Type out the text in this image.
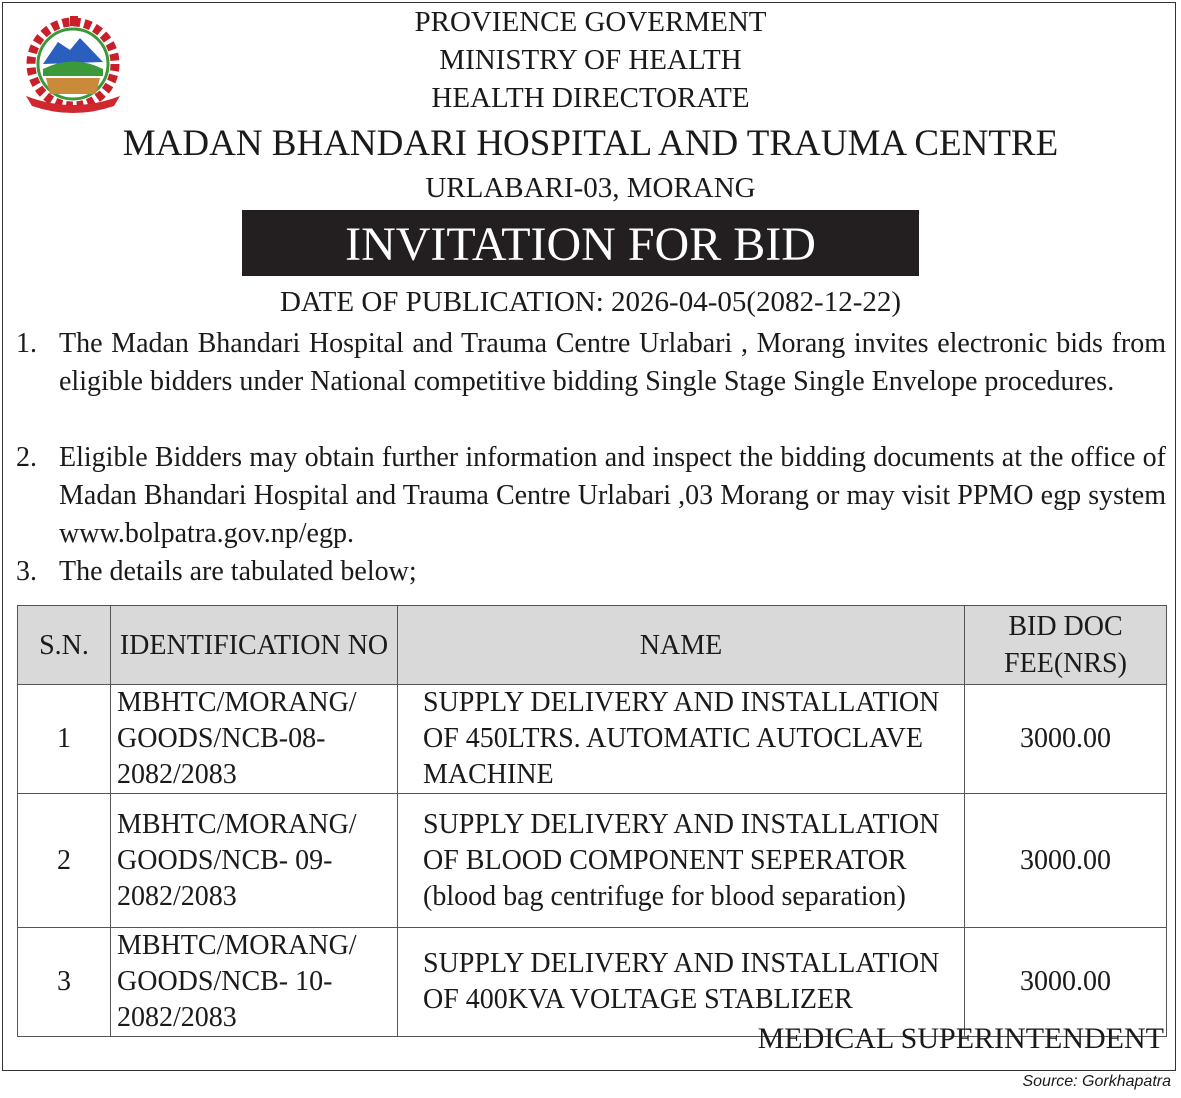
PROVIENCE GOVERMENT
MINISTRY OF HEALTH
HEALTH DIRECTORATE
MADAN BHANDARI HOSPITAL AND TRAUMA CENTRE
URLABARI-03, MORANG
INVITATION FOR BID
DATE OF PUBLICATION: 2026-04-05(2082-12-22)
1. The Madan Bhandari Hospital and Trauma Centre Urlabari , Morang invites electronic bids from eligible bidders under National competitive bidding Single Stage Single Envelope procedures.
2. Eligible Bidders may obtain further information and inspect the bidding documents at the office of Madan Bhandari Hospital and Trauma Centre Urlabari ,03 Morang or may visit PPMO egp system www.bolpatra.gov.np/egp.
3. The details are tabulated below;
S.N.	IDENTIFICATION NO	NAME	BID DOC FEE(NRS)
1	MBHTC/MORANG/ GOODS/NCB-08- 2082/2083	SUPPLY DELIVERY AND INSTALLATION OF 450LTRS. AUTOMATIC AUTOCLAVE MACHINE	3000.00
2	MBHTC/MORANG/ GOODS/NCB- 09- 2082/2083	SUPPLY DELIVERY AND INSTALLATION OF BLOOD COMPONENT SEPERATOR (blood bag centrifuge for blood separation)	3000.00
3	MBHTC/MORANG/ GOODS/NCB- 10- 2082/2083	SUPPLY DELIVERY AND INSTALLATION OF 400KVA VOLTAGE STABLIZER	3000.00
MEDICAL SUPERINTENDENT
Source: Gorkhapatra
